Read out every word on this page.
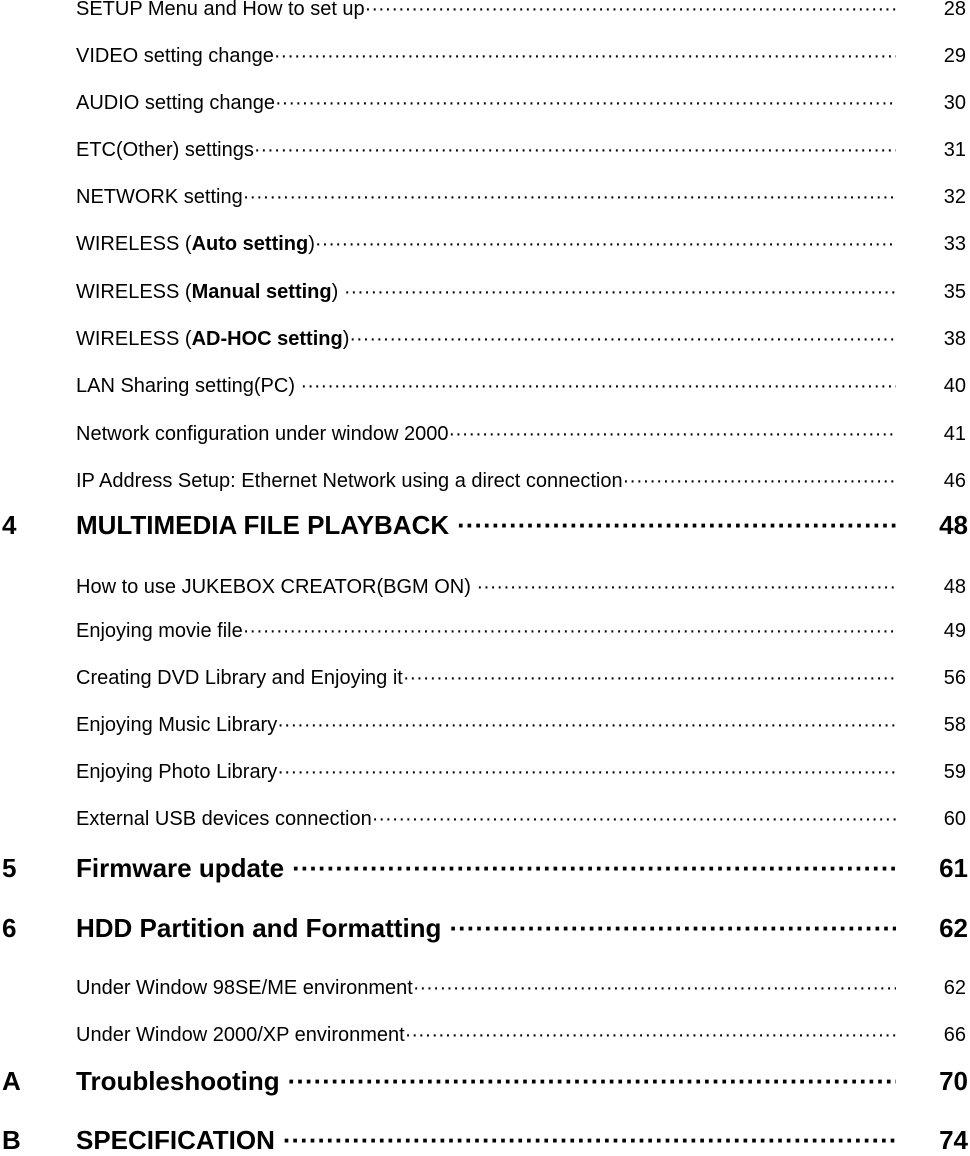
SETUP Menu and How to set up ·····	28
VIDEO setting change ·····	29
AUDIO setting change ·····	30
ETC(Other) settings ·····	31
NETWORK setting ·····	32
WIRELESS ( Auto setting ) ·····	33
WIRELESS ( Manual setting ) ·····	35
WIRELESS ( AD-HOC setting ) ·····	38
LAN Sharing setting(PC) ·····	40
Network configuration under window 2000 ·····	41
IP Address Setup: Ethernet Network using a direct connection ·····	46
4 MULTIMEDIA FILE PLAYBACK ·····	48
How to use JUKEBOX CREATOR(BGM ON) ·····	48
Enjoying movie file ·····	49
Creating DVD Library and Enjoying it ·····	56
Enjoying Music Library ·····	58
Enjoying Photo Library ·····	59
External USB devices connection ·····	60
5 Firmware update ·····	61
6 HDD Partition and Formatting ·····	62
Under Window 98SE/ME environment ·····	62
Under Window 2000/XP environment ·····	66
A Troubleshooting ·····	70
B SPECIFICATION ·····	74
